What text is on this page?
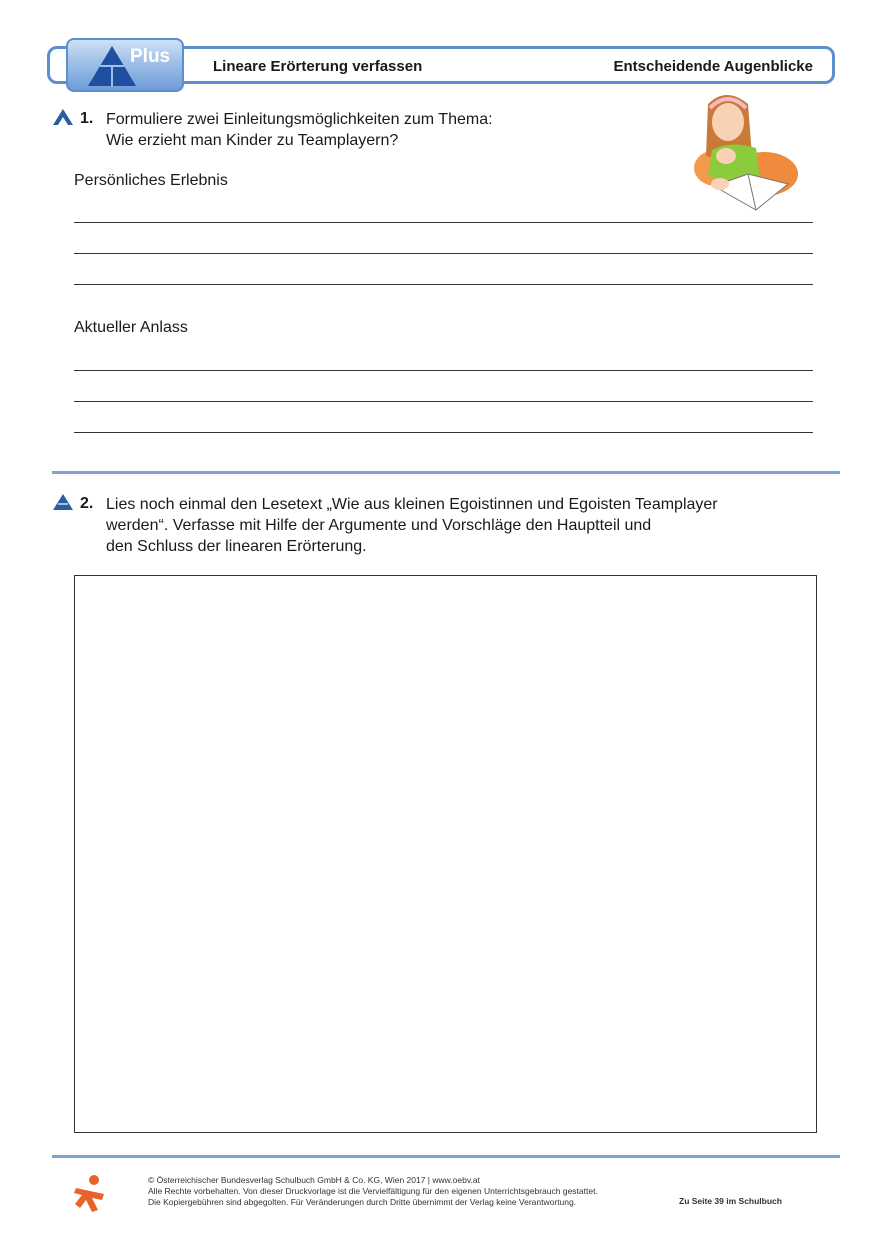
Plus	Lineare Erörterung verfassen	Entscheidende Augenblicke
1. Formuliere zwei Einleitungsmöglichkeiten zum Thema:
Wie erzieht man Kinder zu Teamplayern?
Persönliches Erlebnis
Aktueller Anlass
2. Lies noch einmal den Lesetext „Wie aus kleinen Egoistinnen und Egoisten Teamplayer
werden“. Verfasse mit Hilfe der Argumente und Vorschläge den Hauptteil und
den Schluss der linearen Erörterung.
© Österreichischer Bundesverlag Schulbuch GmbH & Co. KG, Wien 2017 | www.oebv.at
Alle Rechte vorbehalten. Von dieser Druckvorlage ist die Vervielfältigung für den eigenen Unterrichtsgebrauch gestattet.
Die Kopiergebühren sind abgegolten. Für Veränderungen durch Dritte übernimmt der Verlag keine Verantwortung.	Zu Seite 39 im Schulbuch
